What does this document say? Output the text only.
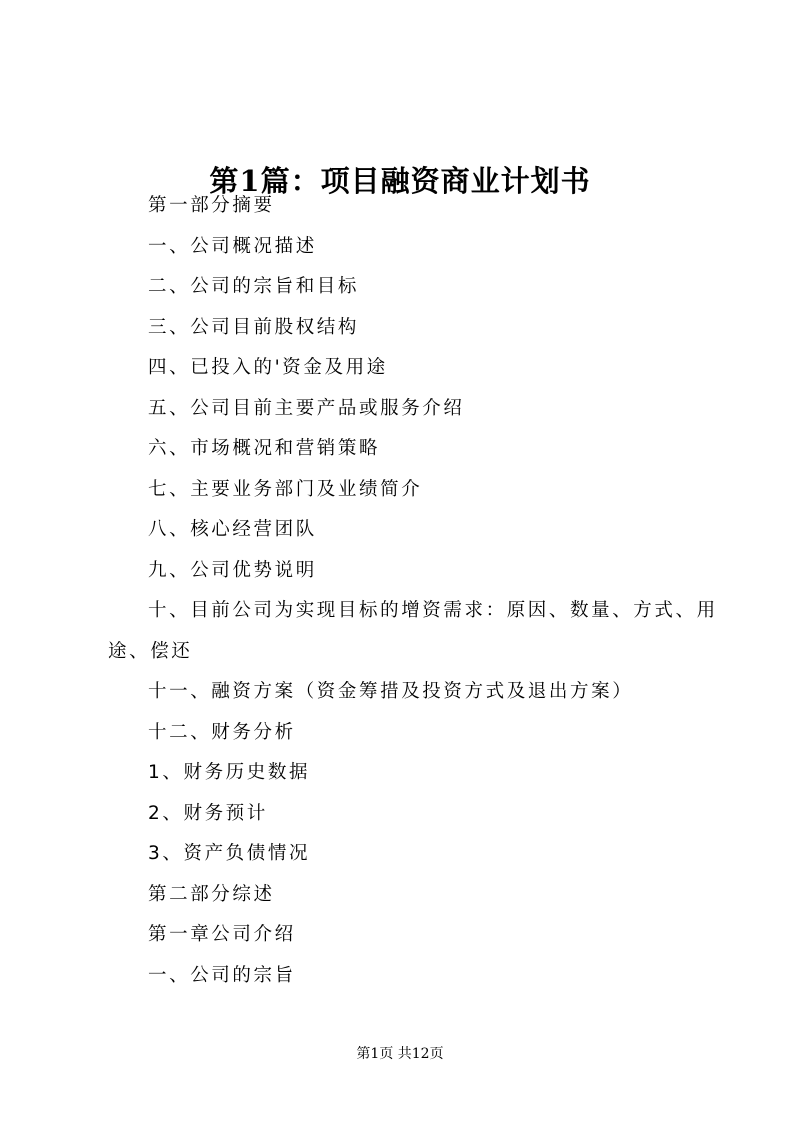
第1篇：项目融资商业计划书

第一部分摘要

一、公司概况描述

二、公司的宗旨和目标

三、公司目前股权结构

四、已投入的'资金及用途

五、公司目前主要产品或服务介绍

六、市场概况和营销策略

七、主要业务部门及业绩简介

八、核心经营团队

九、公司优势说明

十、目前公司为实现目标的增资需求：原因、数量、方式、用途、偿还

十一、融资方案（资金筹措及投资方式及退出方案）

十二、财务分析

1、财务历史数据

2、财务预计

3、资产负债情况

第二部分综述

第一章公司介绍

一、公司的宗旨

第1页 共12页
